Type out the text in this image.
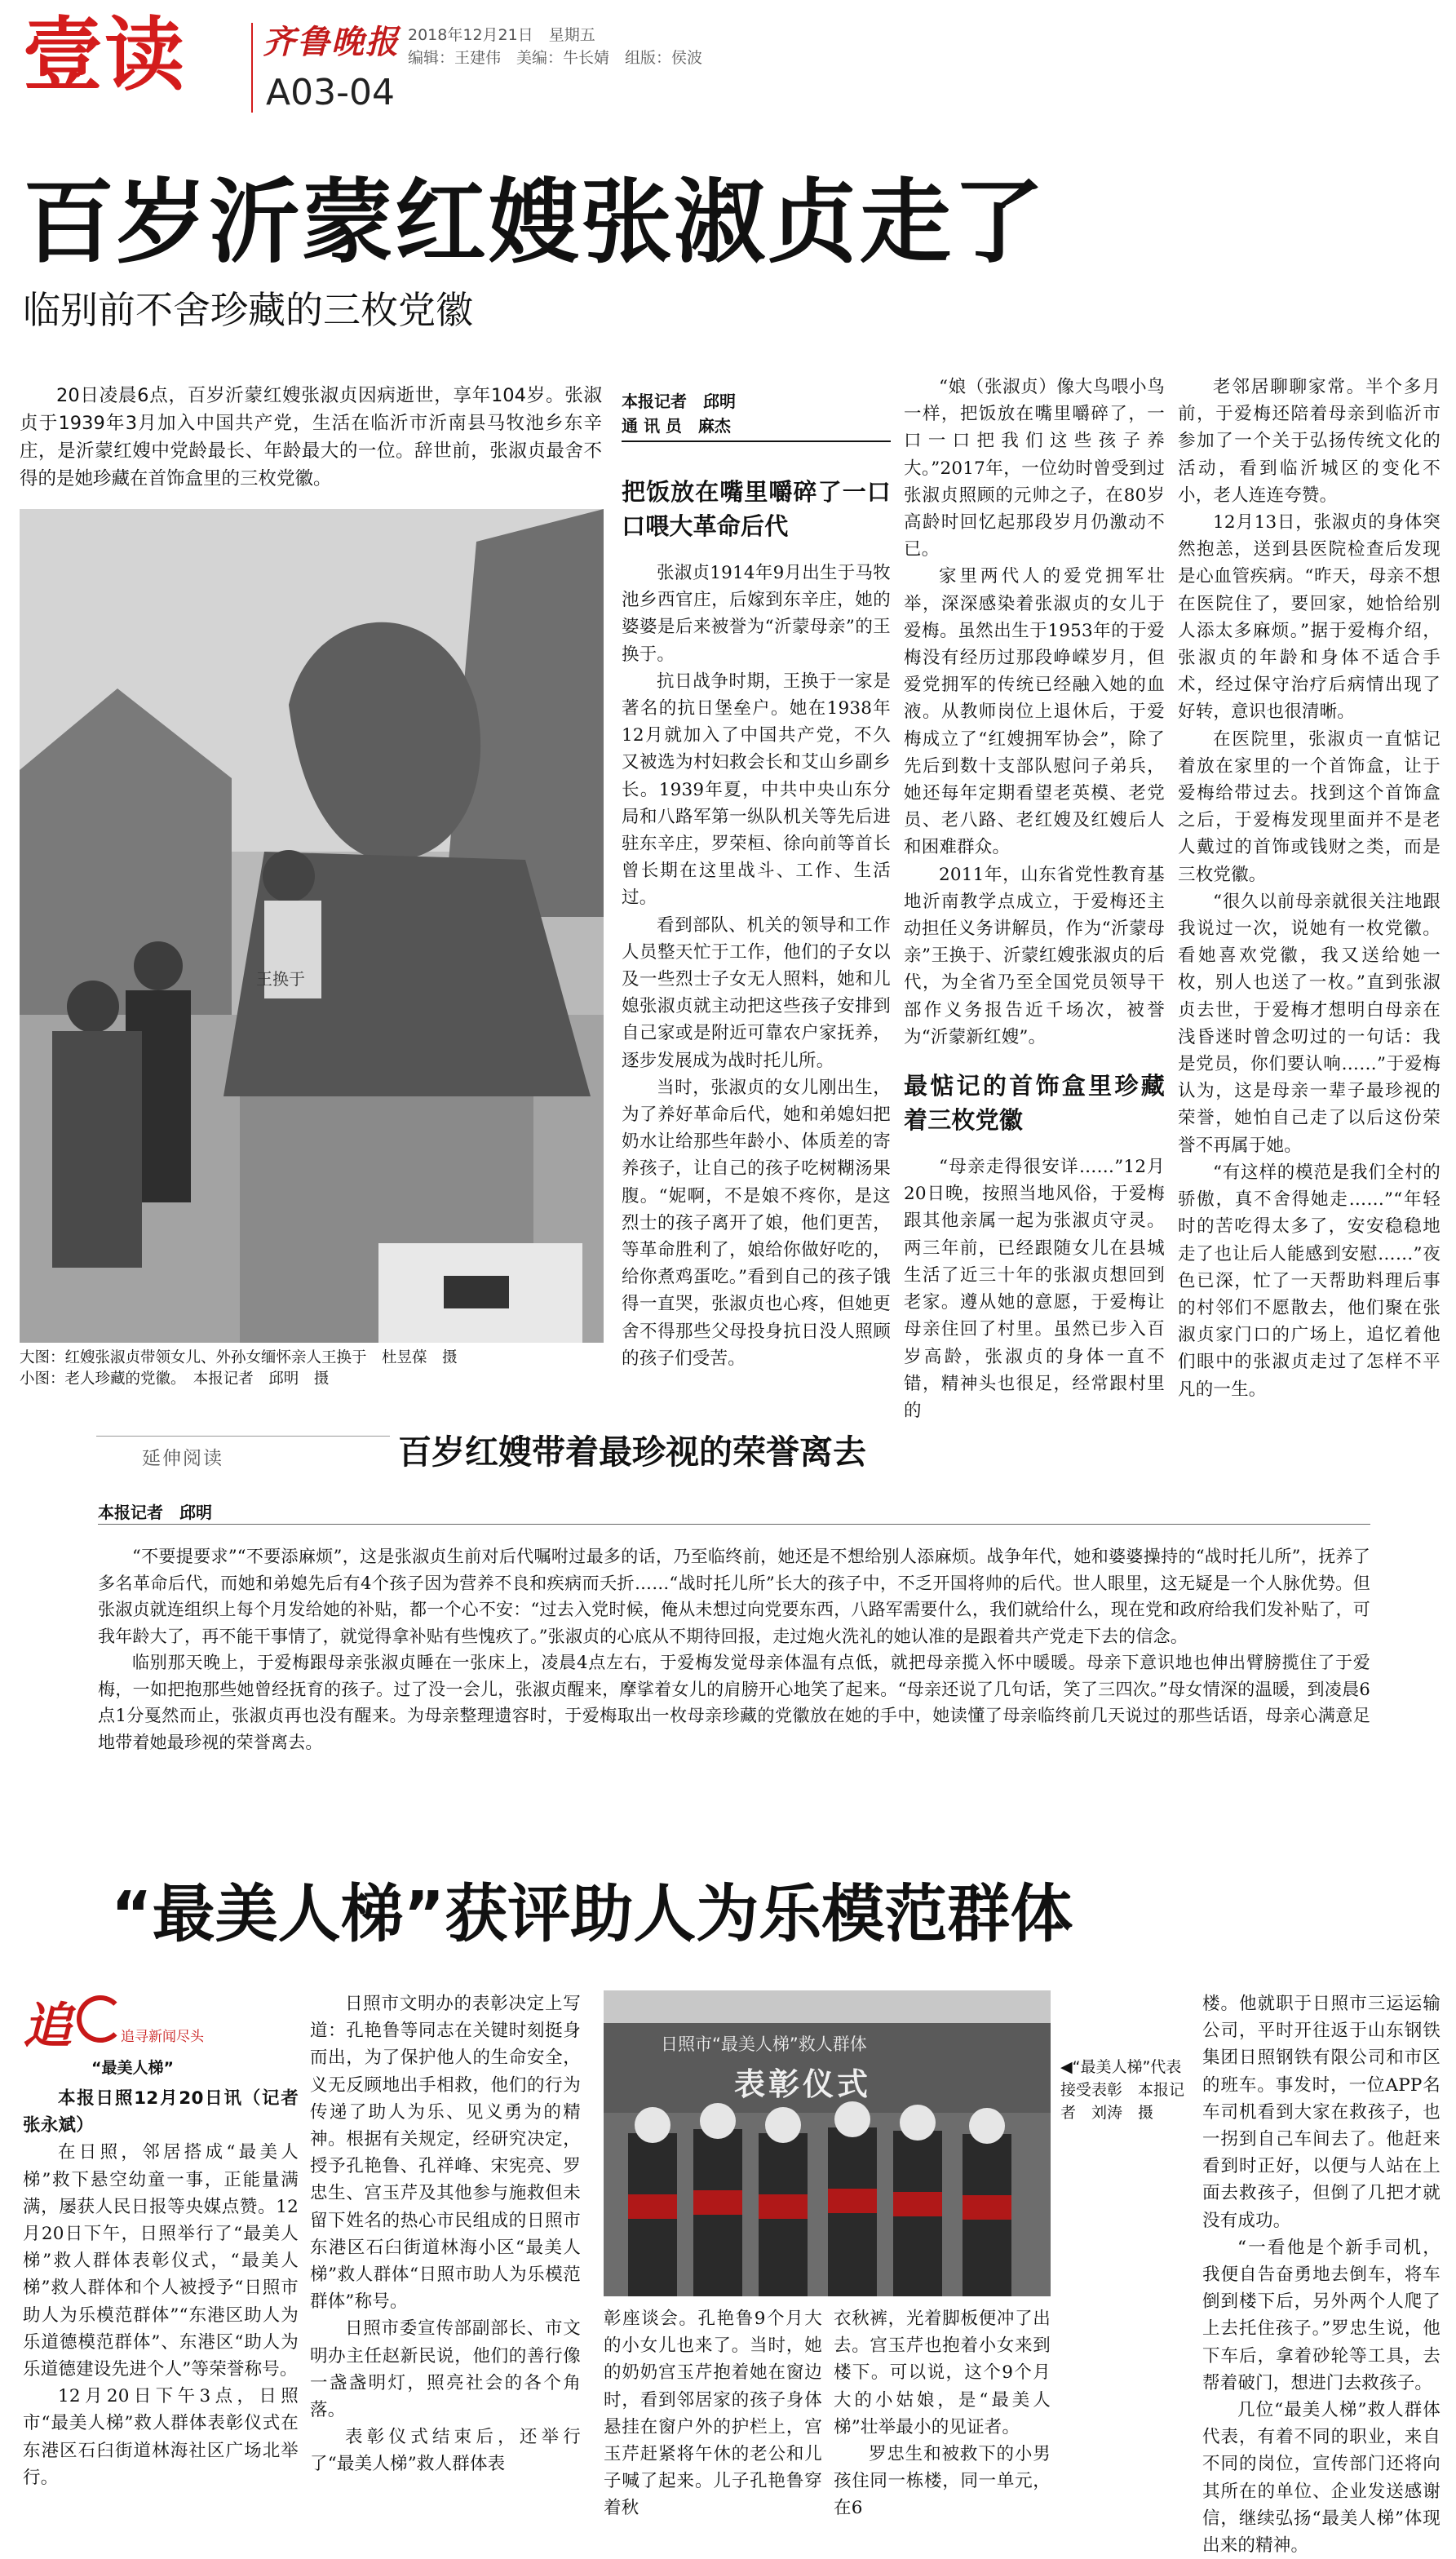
壹读 齐鲁晚报 2018年12月21日　星期五
编辑：王建伟　美编：牛长婧　组版：侯波
A03-04
百岁沂蒙红嫂张淑贞走了
临别前不舍珍藏的三枚党徽
20日凌晨6点，百岁沂蒙红嫂张淑贞因病逝世，享年104岁。张淑贞于1939年3月加入中国共产党，生活在临沂市沂南县马牧池乡东辛庄，是沂蒙红嫂中党龄最长、年龄最大的一位。辞世前，张淑贞最舍不得的是她珍藏在首饰盒里的三枚党徽。
王换于
大图：红嫂张淑贞带领女儿、外孙女缅怀亲人王换于　杜昱葆　摄
小图：老人珍藏的党徽。　本报记者　邱明　摄
本报记者　邱明
通 讯 员　麻杰
把饭放在嘴里嚼碎了一口口喂大革命后代

张淑贞1914年9月出生于马牧池乡西官庄，后嫁到东辛庄，她的婆婆是后来被誉为“沂蒙母亲”的王换于。

抗日战争时期，王换于一家是著名的抗日堡垒户。她在1938年12月就加入了中国共产党，不久又被选为村妇救会长和艾山乡副乡长。1939年夏，中共中央山东分局和八路军第一纵队机关等先后进驻东辛庄，罗荣桓、徐向前等首长曾长期在这里战斗、工作、生活过。

看到部队、机关的领导和工作人员整天忙于工作，他们的子女以及一些烈士子女无人照料，她和儿媳张淑贞就主动把这些孩子安排到自己家或是附近可靠农户家抚养，逐步发展成为战时托儿所。

当时，张淑贞的女儿刚出生，为了养好革命后代，她和弟媳妇把奶水让给那些年龄小、体质差的寄养孩子，让自己的孩子吃树糊汤果腹。“妮啊，不是娘不疼你，是这烈士的孩子离开了娘，他们更苦，等革命胜利了，娘给你做好吃的，给你煮鸡蛋吃。”看到自己的孩子饿得一直哭，张淑贞也心疼，但她更舍不得那些父母投身抗日没人照顾的孩子们受苦。

“娘（张淑贞）像大鸟喂小鸟一样，把饭放在嘴里嚼碎了，一口一口把我们这些孩子养大。”2017年，一位幼时曾受到过张淑贞照顾的元帅之子，在80岁高龄时回忆起那段岁月仍激动不已。

家里两代人的爱党拥军壮举，深深感染着张淑贞的女儿于爱梅。虽然出生于1953年的于爱梅没有经历过那段峥嵘岁月，但爱党拥军的传统已经融入她的血液。从教师岗位上退休后，于爱梅成立了“红嫂拥军协会”，除了先后到数十支部队慰问子弟兵，她还每年定期看望老英模、老党员、老八路、老红嫂及红嫂后人和困难群众。

2011年，山东省党性教育基地沂南教学点成立，于爱梅还主动担任义务讲解员，作为“沂蒙母亲”王换于、沂蒙红嫂张淑贞的后代，为全省乃至全国党员领导干部作义务报告近千场次，被誉为“沂蒙新红嫂”。

最惦记的首饰盒里珍藏着三枚党徽

“母亲走得很安详……”12月20日晚，按照当地风俗，于爱梅跟其他亲属一起为张淑贞守灵。两三年前，已经跟随女儿在县城生活了近三十年的张淑贞想回到老家。遵从她的意愿，于爱梅让母亲住回了村里。虽然已步入百岁高龄，张淑贞的身体一直不错，精神头也很足，经常跟村里的

老邻居聊聊家常。半个多月前，于爱梅还陪着母亲到临沂市参加了一个关于弘扬传统文化的活动，看到临沂城区的变化不小，老人连连夸赞。

12月13日，张淑贞的身体突然抱恙，送到县医院检查后发现是心血管疾病。“昨天，母亲不想在医院住了，要回家，她恰给别人添太多麻烦。”据于爱梅介绍，张淑贞的年龄和身体不适合手术，经过保守治疗后病情出现了好转，意识也很清晰。

在医院里，张淑贞一直惦记着放在家里的一个首饰盒，让于爱梅给带过去。找到这个首饰盒之后，于爱梅发现里面并不是老人戴过的首饰或钱财之类，而是三枚党徽。

“很久以前母亲就很关注地跟我说过一次，说她有一枚党徽。看她喜欢党徽，我又送给她一枚，别人也送了一枚。”直到张淑贞去世，于爱梅才想明白母亲在浅昏迷时曾念叨过的一句话：我是党员，你们要认响……”于爱梅认为，这是母亲一辈子最珍视的荣誉，她怕自己走了以后这份荣誉不再属于她。

“有这样的模范是我们全村的骄傲，真不舍得她走……”“年轻时的苦吃得太多了，安安稳稳地走了也让后人能感到安慰……”夜色已深，忙了一天帮助料理后事的村邻们不愿散去，他们聚在张淑贞家门口的广场上，追忆着他们眼中的张淑贞走过了怎样不平凡的一生。

延伸阅读	百岁红嫂带着最珍视的荣誉离去
本报记者　邱明

“不要提要求”“不要添麻烦”，这是张淑贞生前对后代嘱咐过最多的话，乃至临终前，她还是不想给别人添麻烦。战争年代，她和婆婆操持的“战时托儿所”，抚养了多名革命后代，而她和弟媳先后有4个孩子因为营养不良和疾病而夭折……“战时托儿所”长大的孩子中，不乏开国将帅的后代。世人眼里，这无疑是一个人脉优势。但张淑贞就连组织上每个月发给她的补贴，都一个心不安：“过去入党时候，俺从未想过向党要东西，八路军需要什么，我们就给什么，现在党和政府给我们发补贴了，可我年龄大了，再不能干事情了，就觉得拿补贴有些愧疚了。”张淑贞的心底从不期待回报，走过炮火洗礼的她认准的是跟着共产党走下去的信念。

临别那天晚上，于爱梅跟母亲张淑贞睡在一张床上，凌晨4点左右，于爱梅发觉母亲体温有点低，就把母亲揽入怀中暖暖。母亲下意识地也伸出臂膀揽住了于爱梅，一如把抱那些她曾经抚育的孩子。过了没一会儿，张淑贞醒来，摩挲着女儿的肩膀开心地笑了起来。“母亲还说了几句话，笑了三四次。”母女情深的温暖，到凌晨6点1分戛然而止，张淑贞再也没有醒来。为母亲整理遗容时，于爱梅取出一枚母亲珍藏的党徽放在她的手中，她读懂了母亲临终前几天说过的那些话语，母亲心满意足地带着她最珍视的荣誉离去。

“最美人梯”获评助人为乐模范群体
追	追寻新闻尽头
“最美人梯”

本报日照12月20日讯（记者　张永斌）

在日照，邻居搭成“最美人梯”救下悬空幼童一事，正能量满满，屡获人民日报等央媒点赞。12月20日下午，日照举行了“最美人梯”救人群体表彰仪式，“最美人梯”救人群体和个人被授予“日照市助人为乐模范群体”“东港区助人为乐道德模范群体”、东港区“助人为乐道德建设先进个人”等荣誉称号。

12月20日下午3点，日照市“最美人梯”救人群体表彰仪式在东港区石臼街道林海社区广场北举行。

日照市文明办的表彰决定上写道：孔艳鲁等同志在关键时刻挺身而出，为了保护他人的生命安全，义无反顾地出手相救，他们的行为传递了助人为乐、见义勇为的精神。根据有关规定，经研究决定，授予孔艳鲁、孔祥峰、宋宪亮、罗忠生、宫玉芹及其他参与施救但未留下姓名的热心市民组成的日照市东港区石臼街道林海小区“最美人梯”救人群体“日照市助人为乐模范群体”称号。

日照市委宣传部副部长、市文明办主任赵新民说，他们的善行像一盏盏明灯，照亮社会的各个角落。

表彰仪式结束后，还举行了“最美人梯”救人群体表

日照市“最美人梯”救人群体
表彰仪式	◀“最美人梯”代表接受表彰　本报记者　刘涛　摄

彰座谈会。孔艳鲁9个月大的小女儿也来了。当时，她的奶奶宫玉芹抱着她在窗边时，看到邻居家的孩子身体悬挂在窗户外的护栏上，宫玉芹赶紧将午休的老公和儿子喊了起来。儿子孔艳鲁穿着秋

衣秋裤，光着脚板便冲了出去。宫玉芹也抱着小女来到楼下。可以说，这个9个月大的小姑娘，是“最美人梯”壮举最小的见证者。

罗忠生和被救下的小男孩住同一栋楼，同一单元，在6

楼。他就职于日照市三运运输公司，平时开往返于山东钢铁集团日照钢铁有限公司和市区的班车。事发时，一位APP名车司机看到大家在救孩子，也一拐到自己车间去了。他赶来看到时正好，以便与人站在上面去救孩子，但倒了几把才就没有成功。

“一看他是个新手司机，我便自告奋勇地去倒车，将车倒到楼下后，另外两个人爬了上去托住孩子。”罗忠生说，他下车后，拿着砂轮等工具，去帮着破门，想进门去救孩子。

几位“最美人梯”救人群体代表，有着不同的职业，来自不同的岗位，宣传部门还将向其所在的单位、企业发送感谢信，继续弘扬“最美人梯”体现出来的精神。
